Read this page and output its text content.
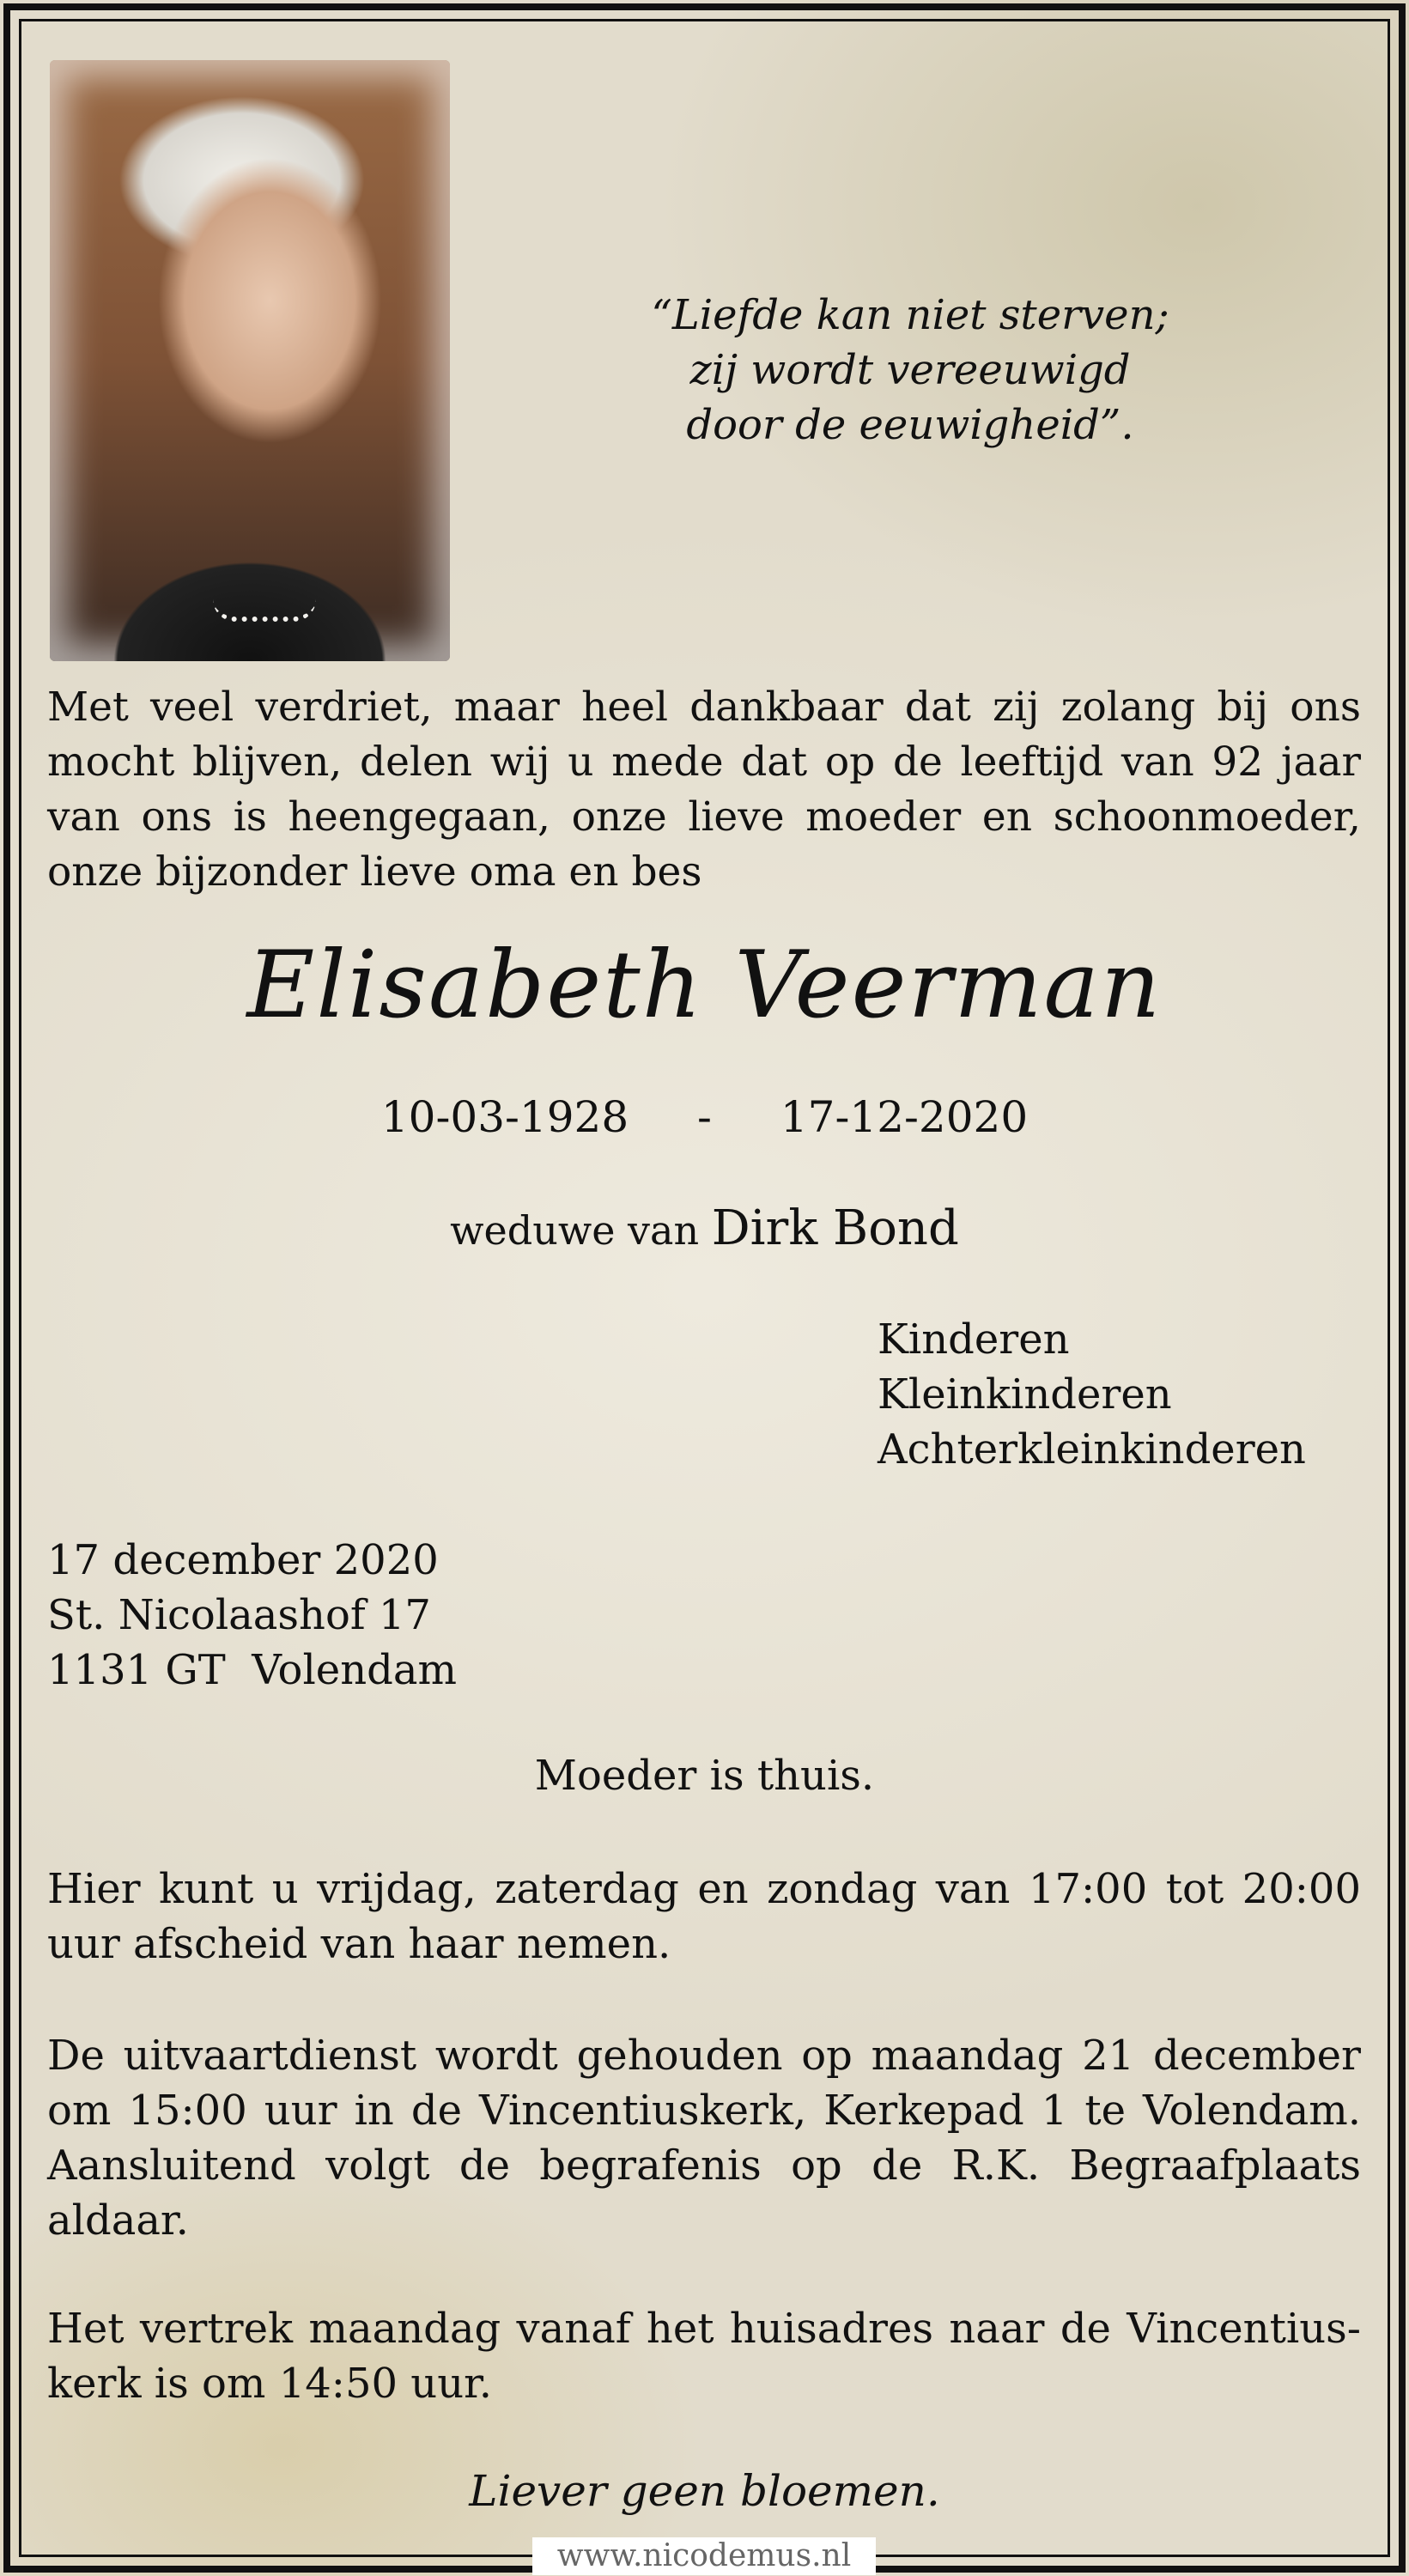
“Liefde kan niet sterven;
zij wordt vereeuwigd
door de eeuwigheid”.
Met veel verdriet, maar heel dankbaar dat zij zolang bij ons mocht blijven, delen wij u mede dat op de leeftijd van 92 jaar van ons is heengegaan, onze lieve moeder en schoonmoeder, onze bijzonder lieve oma en bes
Elisabeth Veerman
10-03-1928 - 17-12-2020
weduwe van Dirk Bond
Kinderen
Kleinkinderen
Achterkleinkinderen
17 december 2020
St. Nicolaashof 17
1131 GT  Volendam
Moeder is thuis.
Hier kunt u vrijdag, zaterdag en zondag van 17:00 tot 20:00 uur afscheid van haar nemen.
De uitvaartdienst wordt gehouden op maandag 21 december om 15:00 uur in de Vincentiuskerk, Kerkepad 1 te Volendam. Aansluitend volgt de begrafenis op de R.K. Begraafplaats aldaar.
Het vertrek maandag vanaf het huisadres naar de Vincentius-kerk is om 14:50 uur.
Liever geen bloemen.
www.nicodemus.nl
